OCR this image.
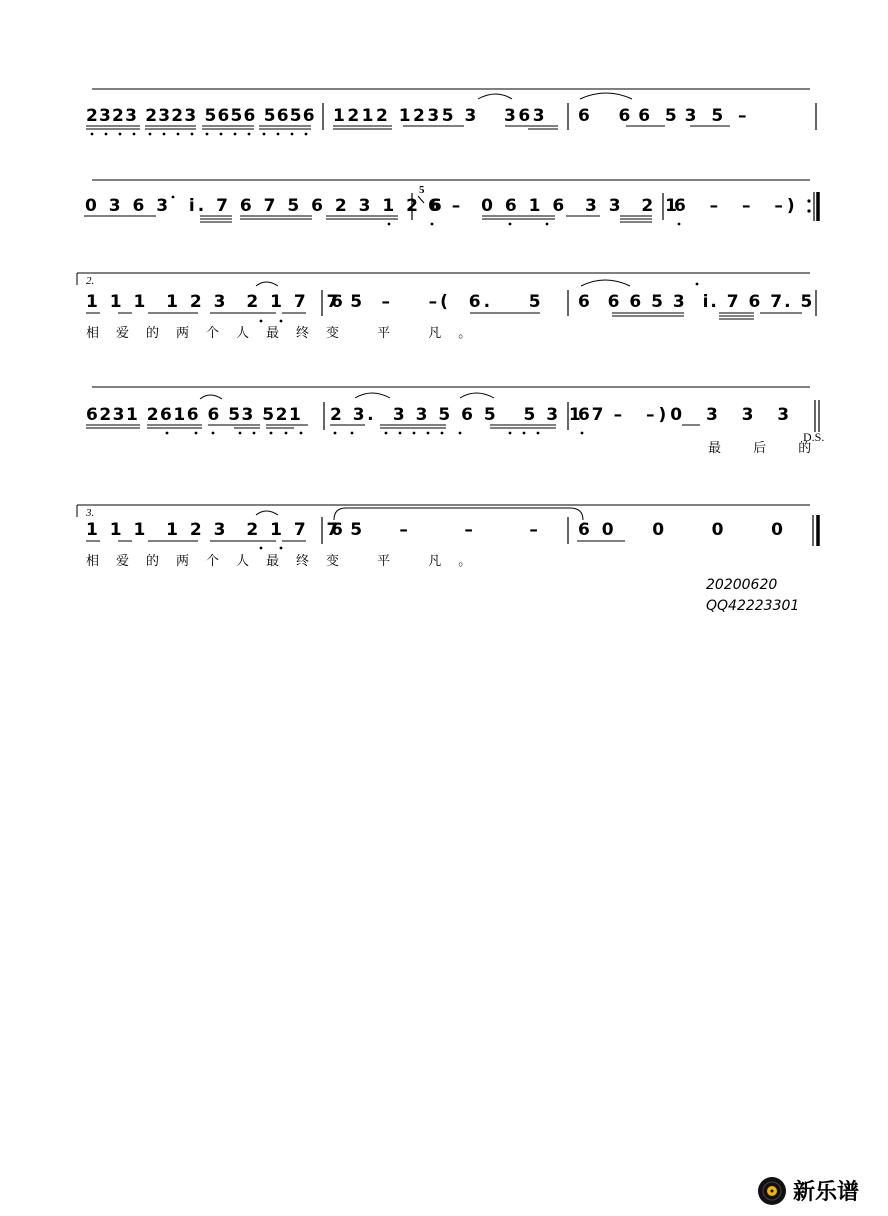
2323 2323 5656 5656 1212 1235 3   363 6    6 6  5 3  5  –
0 3 6 3  i. 7 6 7 5 6 2 3 1 2 6
5
6 –  0 6 1 6  3 3  2 1
6  –  –  –)
2.
1 1 1  1 2 3  2 1 7  7 5
6    –    –(  6.    5 6  6 6 5 3  i. 7 6 7. 5
相爱的两个人最终变 平 凡。
6231 2616 6 53 521 2 3.  3 3 5 6 5   5 3 1 7
6  –  –)0  3  3  3
最 后 的
D.S.
3.
1 1 1  1 2 3  2 1 7  7 5
6      –      –      – 6 0    0     0     0
相爱的两个人最终变 平 凡。
20200620
QQ42223301
新乐谱
